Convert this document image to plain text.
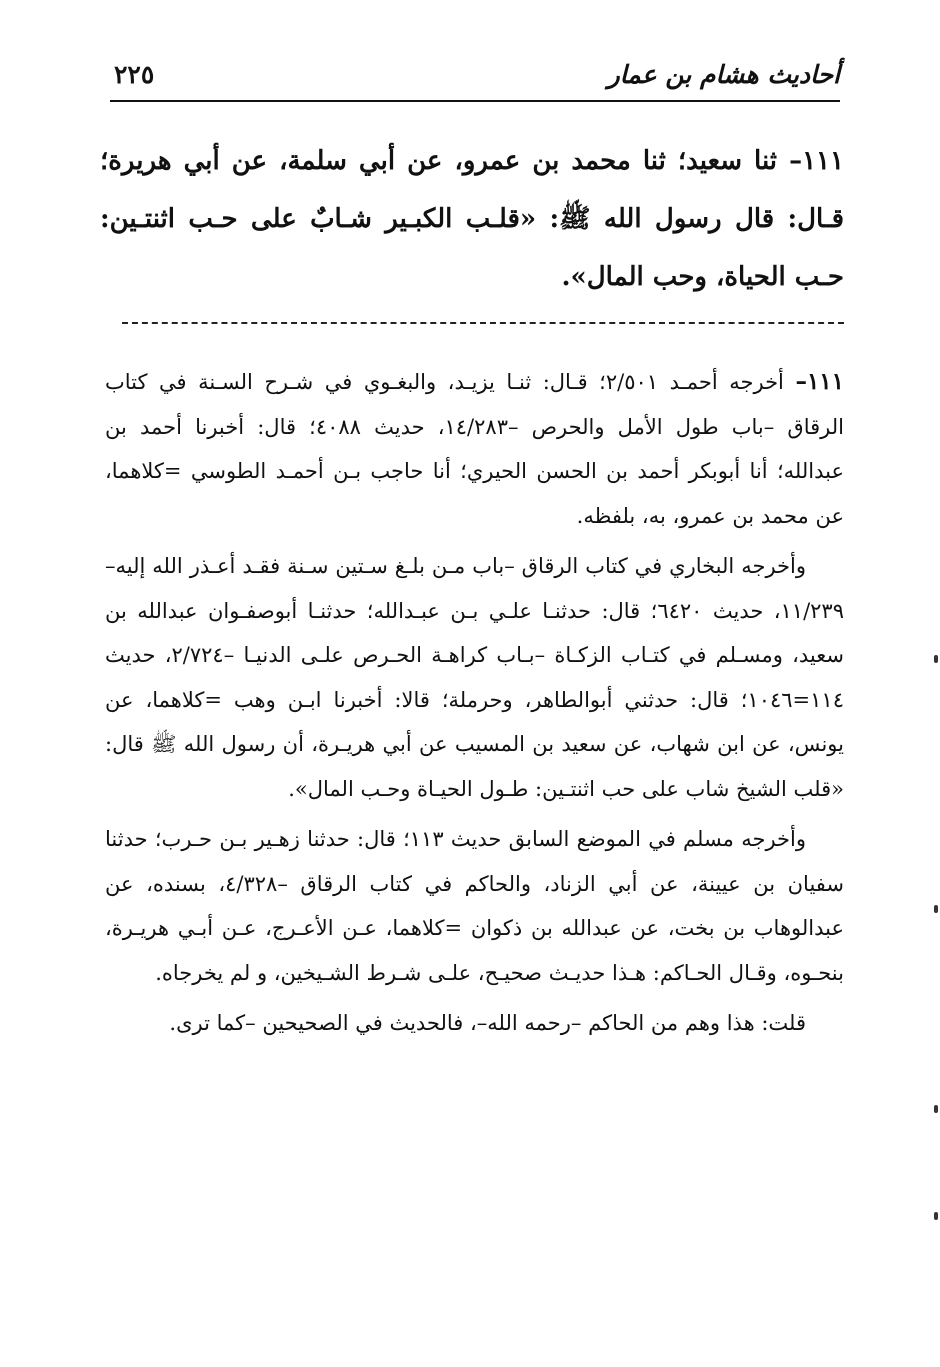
٢٢٥	أحاديث هشام بن عمار
١١١– ثنا سعيد؛ ثنا محمد بن عمرو، عن أبي سلمة، عن أبي هريرة؛ قـال: قال رسول الله ﷺ: «قلـب الكبـير شـابٌ على حـب اثنتـين: حـب الحياة، وحب المال».

١١١– أخرجه أحمـد ٢/٥٠١؛ قـال: ثنـا يزيـد، والبغـوي في شـرح السـنة في كتاب الرقاق –باب طول الأمل والحرص –١٤/٢٨٣، حديث ٤٠٨٨؛ قال: أخبرنا أحمد بن عبدالله؛ أنا أبوبكر أحمد بن الحسن الحيري؛ أنا حاجب بـن أحمـد الطوسي =كلاهما، عن محمد بن عمرو، به، بلفظه.

وأخرجه البخاري في كتاب الرقاق –باب مـن بلـغ سـتين سـنة فقـد أعـذر الله إليه–١١/٢٣٩، حديث ٦٤٢٠؛ قال: حدثنـا علـي بـن عبـدالله؛ حدثنـا أبوصفـوان عبدالله بن سعيد، ومسـلم في كتـاب الزكـاة –بـاب كراهـة الحـرص علـى الدنيـا –٢/٧٢٤، حديث ١١٤=١٠٤٦؛ قال: حدثني أبوالطاهر، وحرملة؛ قالا: أخبرنا ابـن وهب =كلاهما، عن يونس، عن ابن شهاب، عن سعيد بن المسيب عن أبي هريـرة، أن رسول الله ﷺ قال: «قلب الشيخ شاب على حب اثنتـين: طـول الحيـاة وحـب المال».

وأخرجه مسلم في الموضع السابق حديث ١١٣؛ قال: حدثنا زهـير بـن حـرب؛ حدثنا سفيان بن عيينة، عن أبي الزناد، والحاكم في كتاب الرقاق –٤/٣٢٨، بسنده، عن عبدالوهاب بن بخت، عن عبدالله بن ذكوان =كلاهما، عـن الأعـرج، عـن أبـي هريـرة، بنحـوه، وقـال الحـاكم: هـذا حديـث صحيـح، علـى شـرط الشـيخين، و لم يخرجاه.

قلت: هذا وهم من الحاكم –رحمه الله–، فالحديث في الصحيحين –كما ترى.
